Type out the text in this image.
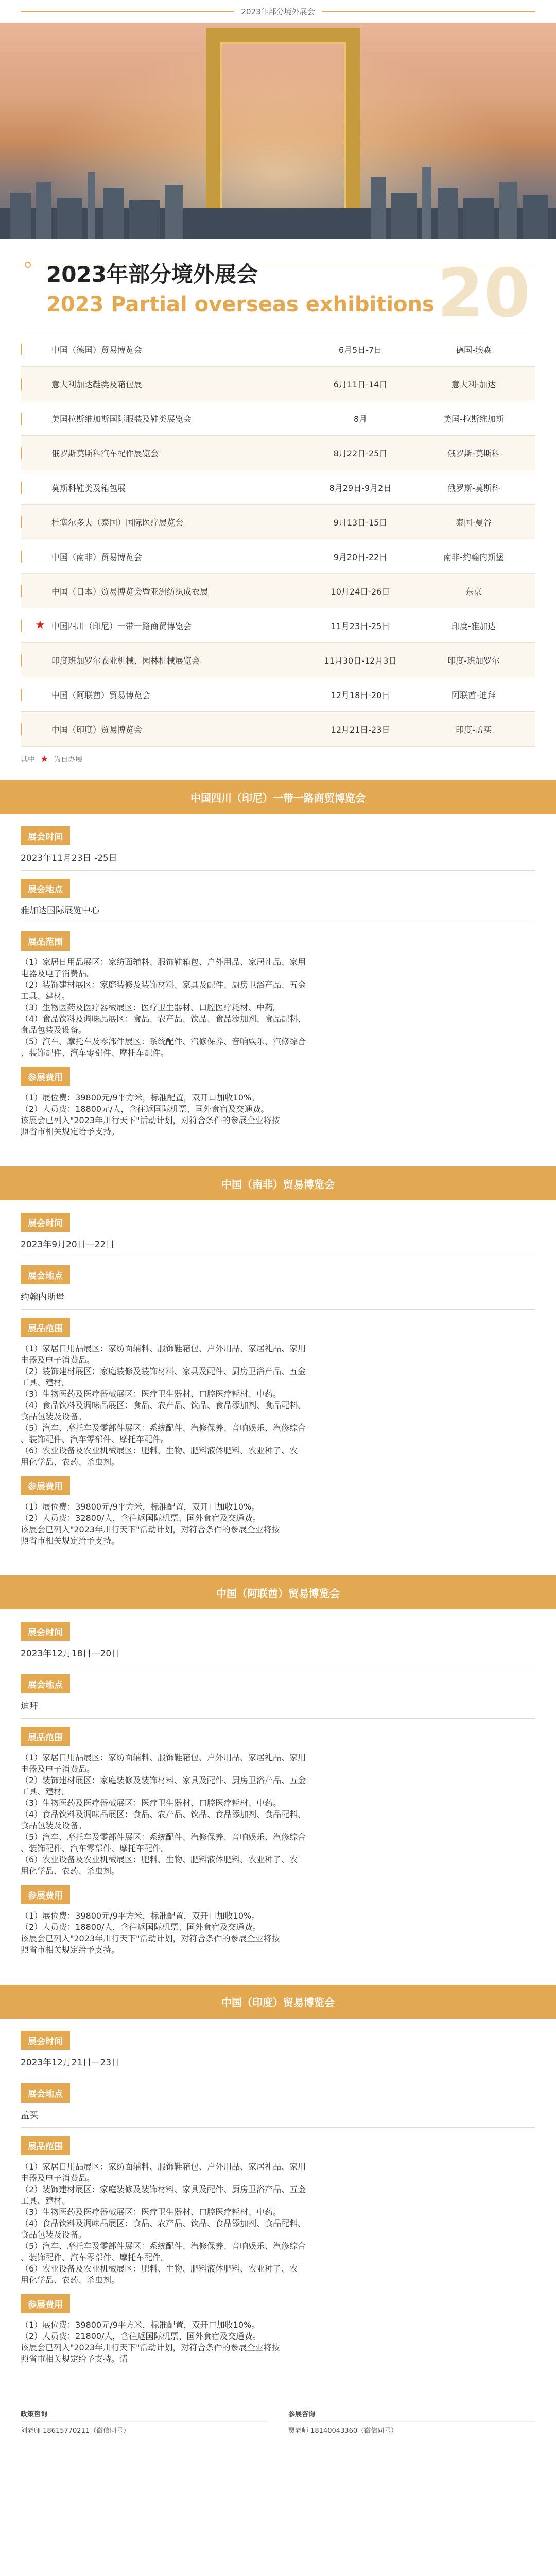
2023年部分境外展会
20
2023年部分境外展会
2023 Partial overseas exhibitions
中国（德国）贸易博览会	6月5日-7日	德国-埃森
意大利加达鞋类及箱包展	6月11日-14日	意大利-加达
美国拉斯维加斯国际服装及鞋类展览会	8月	美国-拉斯维加斯
俄罗斯莫斯科汽车配件展览会	8月22日-25日	俄罗斯-莫斯科
莫斯科鞋类及箱包展	8月29日-9月2日	俄罗斯-莫斯科
杜塞尔多夫（泰国）国际医疗展览会	9月13日-15日	泰国-曼谷
中国（南非）贸易博览会	9月20日-22日	南非-约翰内斯堡
中国（日本）贸易博览会暨亚洲纺织成衣展	10月24日-26日	东京
★ 中国四川（印尼）一带一路商贸博览会	11月23日-25日	印度-雅加达
印度班加罗尔农业机械、园林机械展览会	11月30日-12月3日	印度-班加罗尔
中国（阿联酋）贸易博览会	12月18日-20日	阿联酋-迪拜
中国（印度）贸易博览会	12月21日-23日	印度-孟买
其中 ★ 为自办展
中国四川（印尼）一带一路商贸博览会
展会时间
2023年11月23日 -25日
展会地点
雅加达国际展览中心
展品范围
（1）家居日用品展区：家纺面辅料、服饰鞋箱包、户外用品、家居礼品、家用
电器及电子消费品。
（2）装饰建材展区：家庭装修及装饰材料、家具及配件、厨房卫浴产品、五金
工具、建材。
（3）生物医药及医疗器械展区：医疗卫生器材、口腔医疗耗材、中药。
（4）食品饮料及调味品展区：食品、农产品、饮品、食品添加剂、食品配料、
食品包装及设备。
（5）汽车、摩托车及零部件展区：系统配件、汽修保养、音响娱乐、汽修综合
、装饰配件、汽车零部件、摩托车配件。
参展费用
（1）展位费：39800元/9平方米，标准配置，双开口加收10%。
（2）人员费：18800元/人，含往返国际机票、国外食宿及交通费。
该展会已列入"2023年川行天下"活动计划，对符合条件的参展企业将按
照省市相关规定给予支持。
中国（南非）贸易博览会
展会时间
2023年9月20日—22日
展会地点
约翰内斯堡
展品范围
（1）家居日用品展区：家纺面辅料、服饰鞋箱包、户外用品、家居礼品、家用
电器及电子消费品。
（2）装饰建材展区：家庭装修及装饰材料、家具及配件、厨房卫浴产品、五金
工具、建材。
（3）生物医药及医疗器械展区：医疗卫生器材、口腔医疗耗材、中药。
（4）食品饮料及调味品展区：食品、农产品、饮品、食品添加剂、食品配料、
食品包装及设备。
（5）汽车、摩托车及零部件展区：系统配件、汽修保养、音响娱乐、汽修综合
、装饰配件、汽车零部件、摩托车配件。
（6）农业设备及农业机械展区：肥料、生物、肥料液体肥料、农业种子、农
用化学品、农药、杀虫剂。
参展费用
（1）展位费：39800元/9平方米，标准配置，双开口加收10%。
（2）人员费：32800/人，含往返国际机票、国外食宿及交通费。
该展会已列入"2023年川行天下"活动计划，对符合条件的参展企业将按
照省市相关规定给予支持。
中国（阿联酋）贸易博览会
展会时间
2023年12月18日—20日
展会地点
迪拜
展品范围
（1）家居日用品展区：家纺面辅料、服饰鞋箱包、户外用品、家居礼品、家用
电器及电子消费品。
（2）装饰建材展区：家庭装修及装饰材料、家具及配件、厨房卫浴产品、五金
工具、建材。
（3）生物医药及医疗器械展区：医疗卫生器材、口腔医疗耗材、中药。
（4）食品饮料及调味品展区：食品、农产品、饮品、食品添加剂、食品配料、
食品包装及设备。
（5）汽车、摩托车及零部件展区：系统配件、汽修保养、音响娱乐、汽修综合
、装饰配件、汽车零部件、摩托车配件。
（6）农业设备及农业机械展区：肥料、生物、肥料液体肥料、农业种子、农
用化学品、农药、杀虫剂。
参展费用
（1）展位费：39800元/9平方米，标准配置，双开口加收10%。
（2）人员费：18800/人，含往返国际机票、国外食宿及交通费。
该展会已列入"2023年川行天下"活动计划，对符合条件的参展企业将按
照省市相关规定给予支持。
中国（印度）贸易博览会
展会时间
2023年12月21日—23日
展会地点
孟买
展品范围
（1）家居日用品展区：家纺面辅料、服饰鞋箱包、户外用品、家居礼品、家用
电器及电子消费品。
（2）装饰建材展区：家庭装修及装饰材料、家具及配件、厨房卫浴产品、五金
工具、建材。
（3）生物医药及医疗器械展区：医疗卫生器材、口腔医疗耗材、中药。
（4）食品饮料及调味品展区：食品、农产品、饮品、食品添加剂、食品配料、
食品包装及设备。
（5）汽车、摩托车及零部件展区：系统配件、汽修保养、音响娱乐、汽修综合
、装饰配件、汽车零部件、摩托车配件。
（6）农业设备及农业机械展区：肥料、生物、肥料液体肥料、农业种子、农
用化学品、农药、杀虫剂。
参展费用
（1）展位费：39800元/9平方米，标准配置，双开口加收10%。
（2）人员费：21800/人，含往返国际机票、国外食宿及交通费。
该展会已列入"2023年川行天下"活动计划，对符合条件的参展企业将按
照省市相关规定给予支持。请
政策咨询
刘老师 18615770211（微信同号）
参展咨询
贾老师 18140043360（微信同号）
